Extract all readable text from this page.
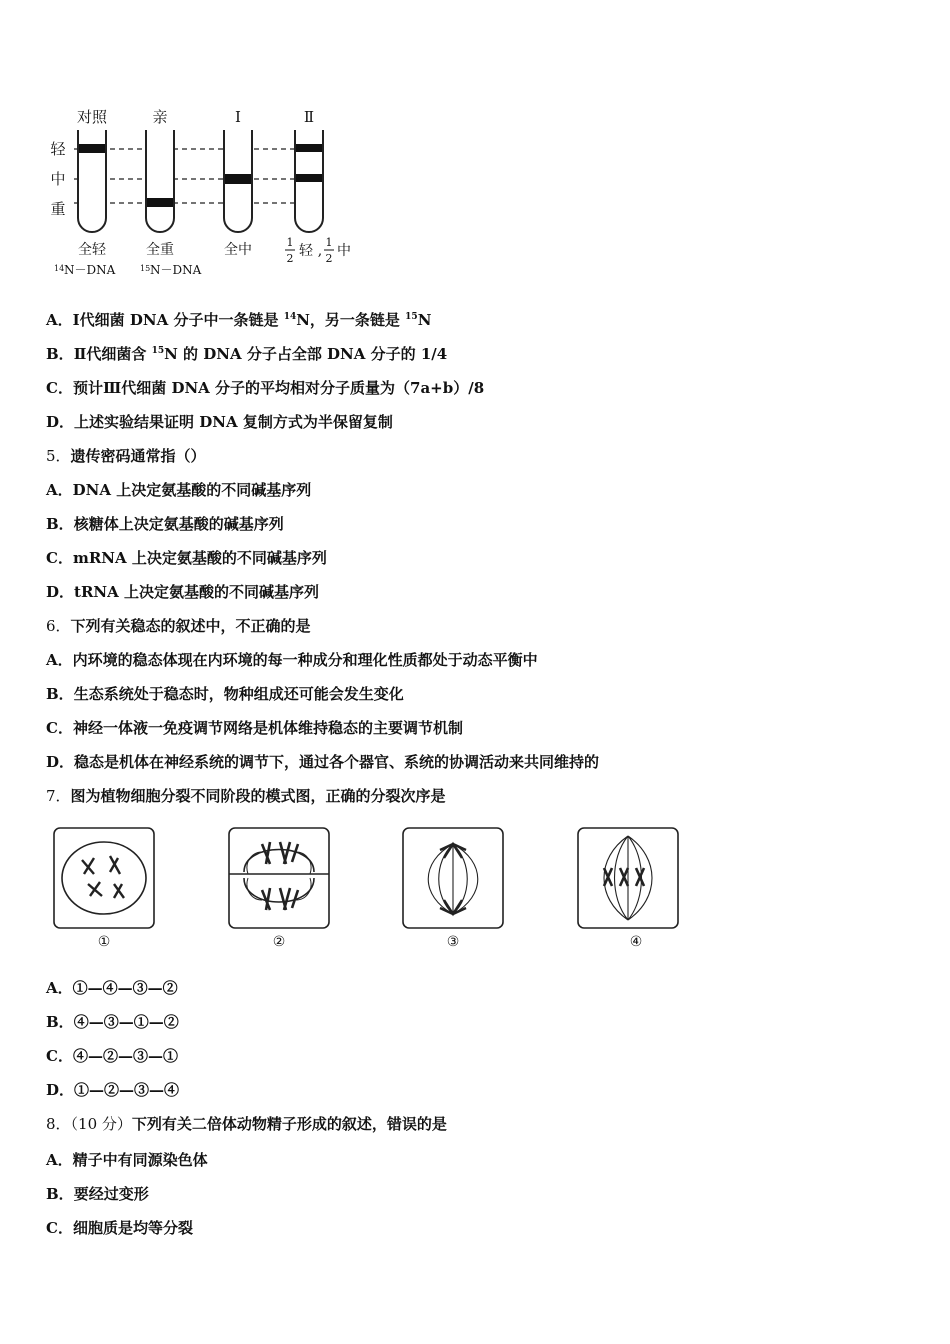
对照	亲	Ⅰ	Ⅱ
轻
中
重
全轻	全重	全中	1
2 轻 ,
1
2 中
14 N－DNA	15 N－DNA
A．Ⅰ代细菌 DNA 分子中一条链是 $^{14}$N，另一条链是 $^{15}$N
B．Ⅱ代细菌含 $^{15}$N 的 DNA 分子占全部 DNA 分子的 1/4
C．预计Ⅲ代细菌 DNA 分子的平均相对分子质量为（7a+b）/8
D．上述实验结果证明 DNA 复制方式为半保留复制
5．遗传密码通常指（）
A．DNA 上决定氨基酸的不同碱基序列
B．核糖体上决定氨基酸的碱基序列
C．mRNA 上决定氨基酸的不同碱基序列
D．tRNA 上决定氨基酸的不同碱基序列
6．下列有关稳态的叙述中，不正确的是
A．内环境的稳态体现在内环境的每一种成分和理化性质都处于动态平衡中
B．生态系统处于稳态时，物种组成还可能会发生变化
C．神经一体液一免疫调节网络是机体维持稳态的主要调节机制
D．稳态是机体在神经系统的调节下，通过各个器官、系统的协调活动来共同维持的
7．图为植物细胞分裂不同阶段的模式图，正确的分裂次序是
①	②	③	④
A．①—④—③—②
B．④—③—①—②
C．④—②—③—①
D．①—②—③—④
8．（10 分）下列有关二倍体动物精子形成的叙述，错误的是
A．精子中有同源染色体
B．要经过变形
C．细胞质是均等分裂
